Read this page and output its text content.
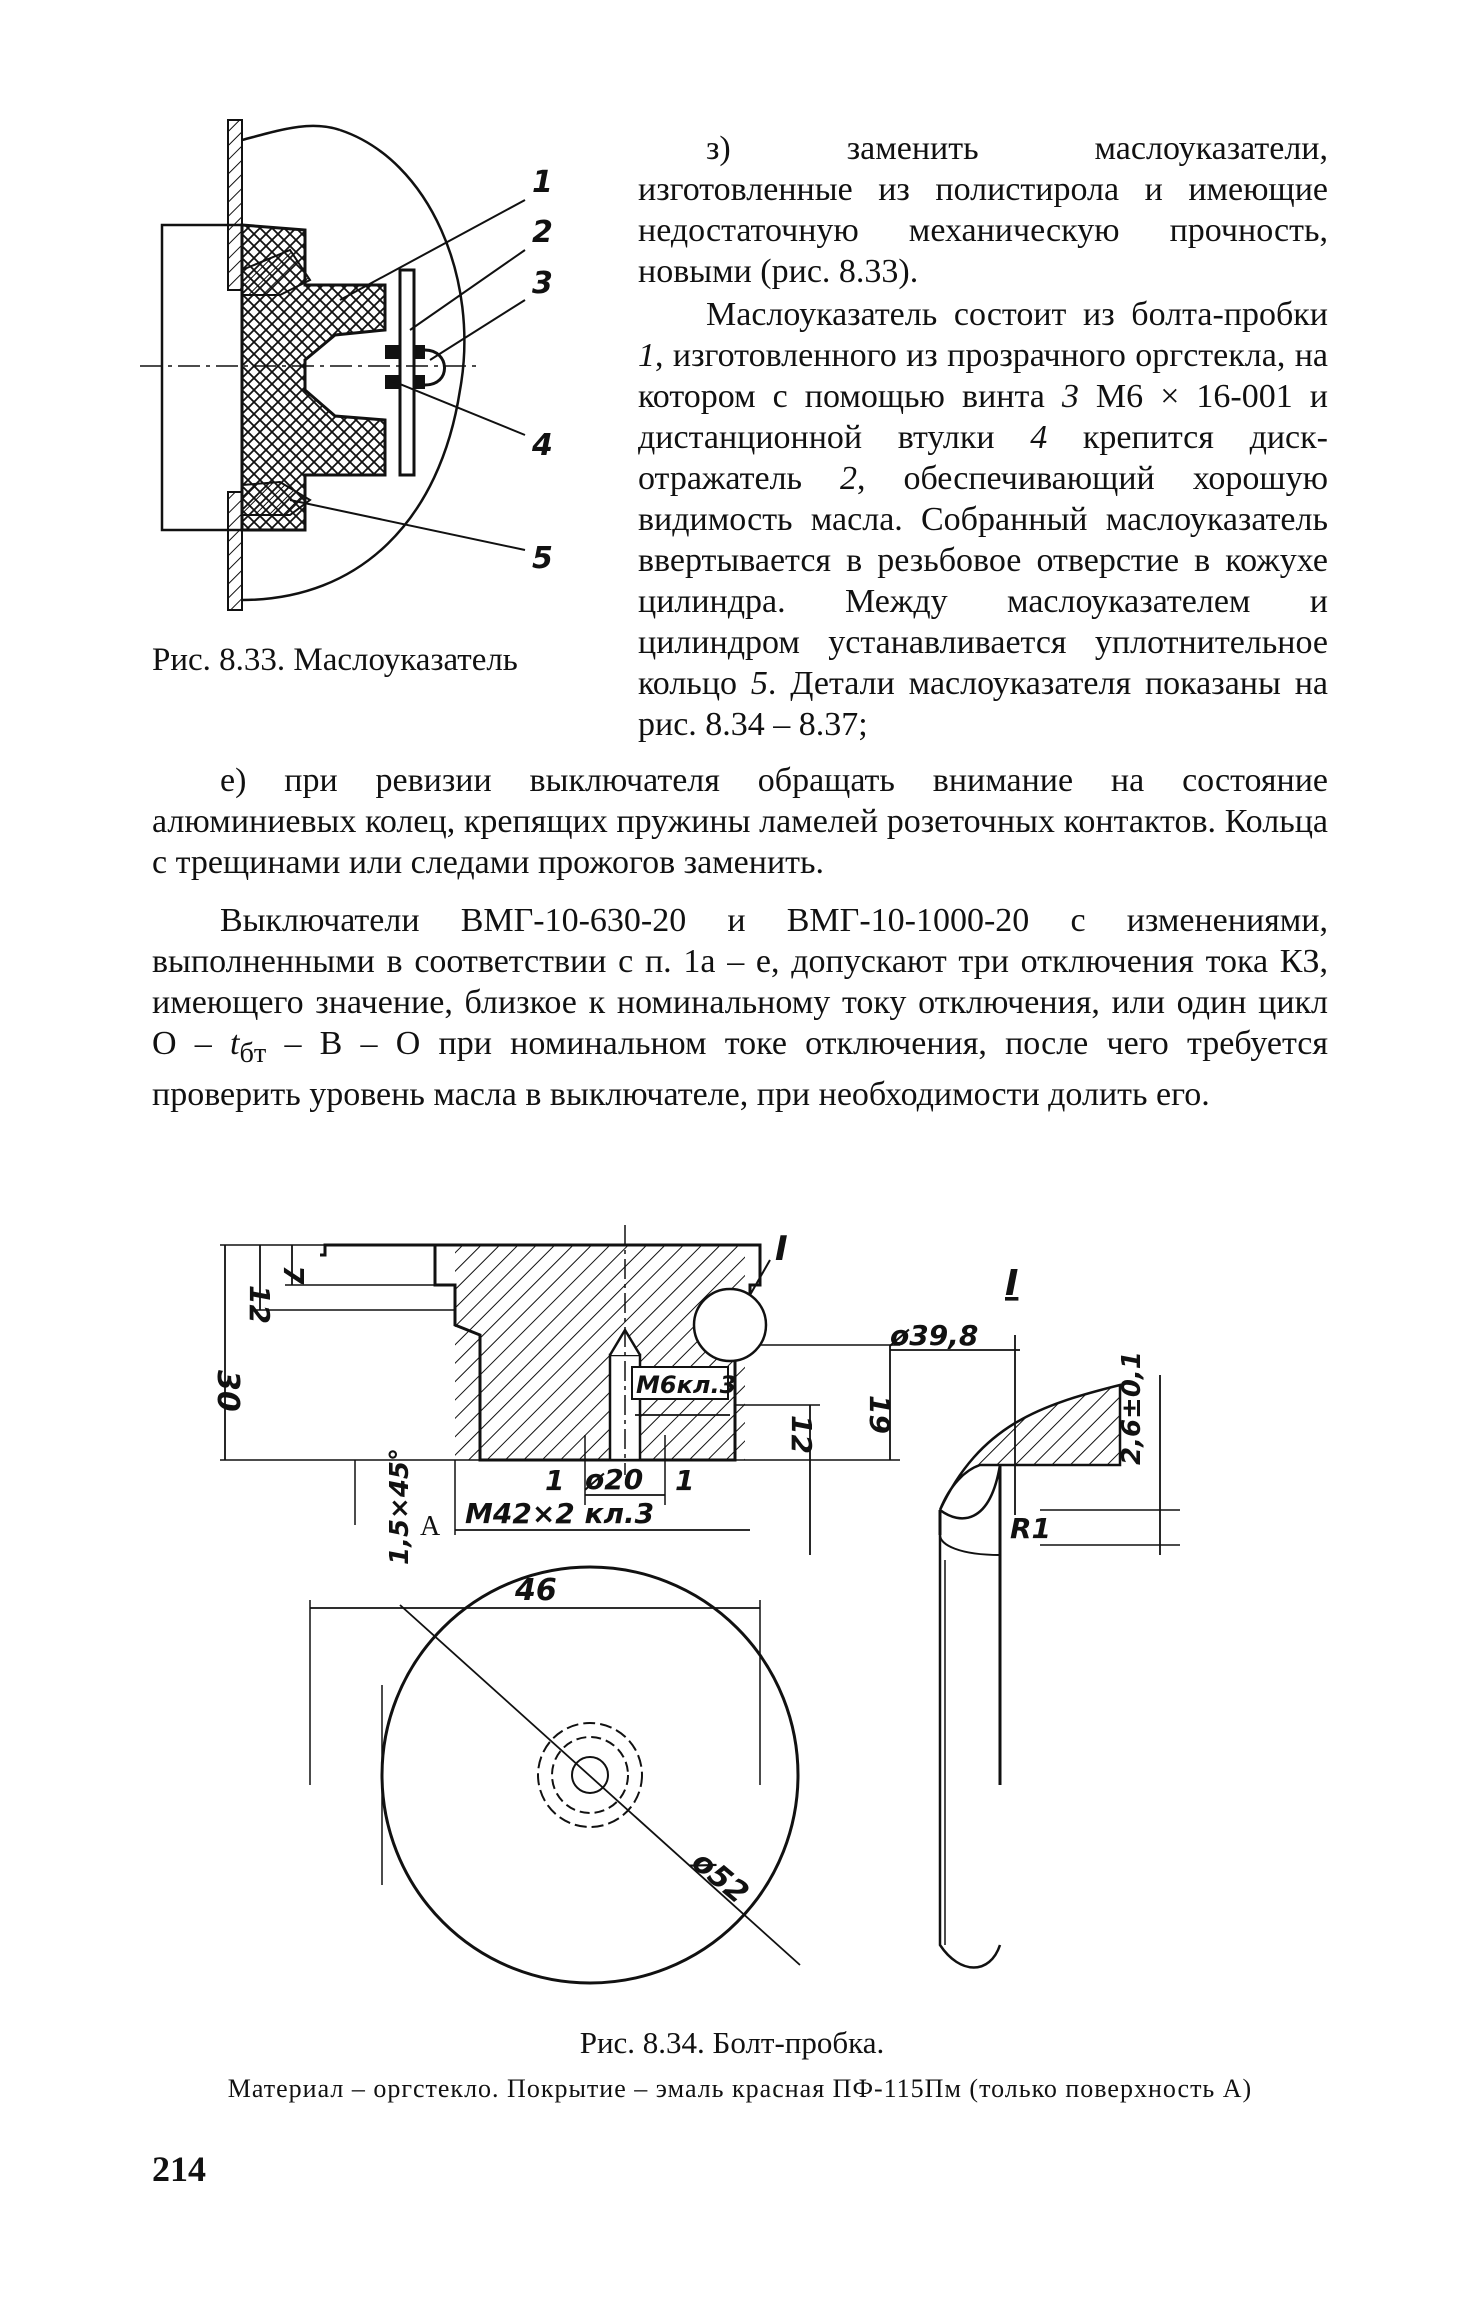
1
2
3
4
5
Рис. 8.33. Маслоуказатель

з) заменить маслоуказатели, изготовленные из полистирола и имеющие недостаточную механическую прочность, новыми (рис. 8.33).

Маслоуказатель состоит из болта-пробки 1, изготовленного из прозрачного оргстекла, на котором с помощью винта 3 М6 × 16-001 и дистанционной втулки 4 крепится диск-отражатель 2, обеспечивающий хорошую видимость масла. Собранный маслоуказатель ввертывается в резьбовое отверстие в кожухе цилиндра. Между маслоуказателем и цилиндром устанавливается уплотнительное кольцо 5. Детали маслоуказателя показаны на рис. 8.34 – 8.37;

е) при ревизии выключателя обращать внимание на состояние алюминиевых колец, крепящих пружины ламелей розеточных контактов. Кольца с трещинами или следами прожогов заменить.

Выключатели ВМГ-10-630-20 и ВМГ-10-1000-20 с изменениями, выполненными в соответствии с п. 1а – е, допускают три отключения тока КЗ, имеющего значение, близкое к номинальному току отключения, или один цикл О – $t_{бт}$ – В – О при номинальном токе отключения, после чего требуется проверить уровень масла в выключателе, при необходимости долить его.

I
30
12
7
19
12
М6кл.3
ø20
1	1
М42×2 кл.3
А
1,5×45°
46
ø52
I
ø39,8
2,6±0,1
R1
Рис. 8.34. Болт-пробка.
Материал – оргстекло. Покрытие – эмаль красная ПФ-115Пм (только поверхность А)
214
